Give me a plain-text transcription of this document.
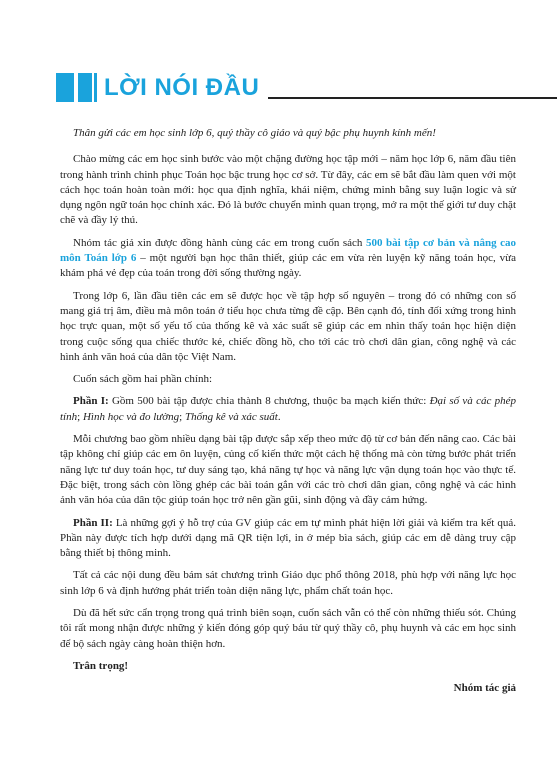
LỜI NÓI ĐẦU

Thân gửi các em học sinh lớp 6, quý thầy cô giáo và quý bậc phụ huynh kính mến!

Chào mừng các em học sinh bước vào một chặng đường học tập mới – năm học lớp 6, năm đầu tiên trong hành trình chinh phục Toán học bậc trung học cơ sở. Từ đây, các em sẽ bắt đầu làm quen với một cách học toán hoàn toàn mới: học qua định nghĩa, khái niệm, chứng minh bằng suy luận logic và sử dụng ngôn ngữ toán học chính xác. Đó là bước chuyển mình quan trọng, mở ra một thế giới tư duy chặt chẽ và đầy lý thú.

Nhóm tác giả xin được đồng hành cùng các em trong cuốn sách 500 bài tập cơ bản và nâng cao môn Toán lớp 6 – một người bạn học thân thiết, giúp các em vừa rèn luyện kỹ năng toán học, vừa khám phá vẻ đẹp của toán trong đời sống thường ngày.

Trong lớp 6, lần đầu tiên các em sẽ được học về tập hợp số nguyên – trong đó có những con số mang giá trị âm, điều mà môn toán ở tiểu học chưa từng đề cập. Bên cạnh đó, tính đối xứng trong hình học trực quan, một số yếu tố của thống kê và xác suất sẽ giúp các em nhìn thấy toán học hiện diện trong cuộc sống qua chiếc thước kẻ, chiếc đồng hồ, cho tới các trò chơi dân gian, công nghệ và các hình ảnh văn hoá của dân tộc Việt Nam.

Cuốn sách gồm hai phần chính:

Phần I: Gồm 500 bài tập được chia thành 8 chương, thuộc ba mạch kiến thức: Đại số và các phép tính; Hình học và đo lường; Thống kê và xác suất.

Mỗi chương bao gồm nhiều dạng bài tập được sắp xếp theo mức độ từ cơ bản đến nâng cao. Các bài tập không chỉ giúp các em ôn luyện, củng cố kiến thức một cách hệ thống mà còn từng bước phát triển năng lực tư duy toán học, tư duy sáng tạo, khả năng tự học và năng lực vận dụng toán học vào thực tế. Đặc biệt, trong sách còn lồng ghép các bài toán gắn với các trò chơi dân gian, công nghệ và các hình ảnh văn hóa của dân tộc giúp toán học trở nên gần gũi, sinh động và đầy cảm hứng.

Phần II: Là những gợi ý hỗ trợ của GV giúp các em tự mình phát hiện lời giải và kiểm tra kết quả. Phần này được tích hợp dưới dạng mã QR tiện lợi, in ở mép bìa sách, giúp các em dễ dàng truy cập bằng thiết bị thông minh.

Tất cả các nội dung đều bám sát chương trình Giáo dục phổ thông 2018, phù hợp với năng lực học sinh lớp 6 và định hướng phát triển toàn diện năng lực, phẩm chất toán học.

Dù đã hết sức cẩn trọng trong quá trình biên soạn, cuốn sách vẫn có thể còn những thiếu sót. Chúng tôi rất mong nhận được những ý kiến đóng góp quý báu từ quý thầy cô, phụ huynh và các em học sinh để bộ sách ngày càng hoàn thiện hơn.

Trân trọng!

Nhóm tác giả
